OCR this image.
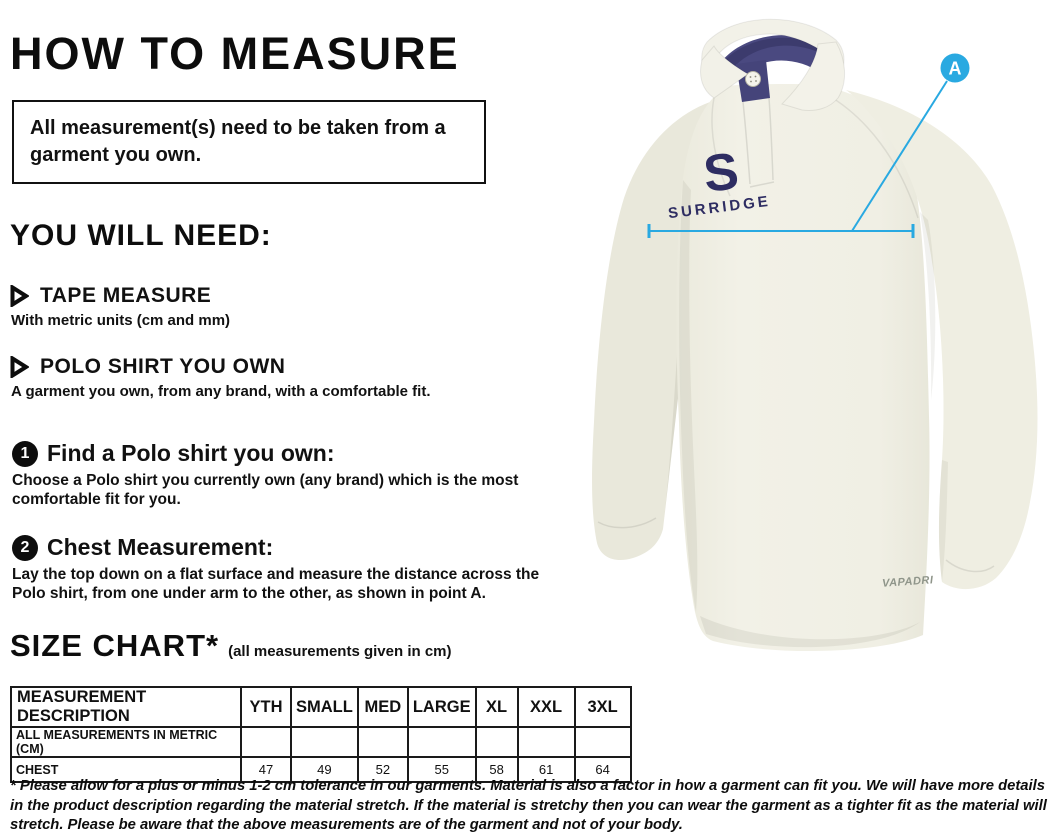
HOW TO MEASURE
All measurement(s) need to be taken from a garment you own.
YOU WILL NEED:
TAPE MEASURE
With metric units (cm and mm)
POLO SHIRT YOU OWN
A garment you own, from any brand, with a comfortable fit.
1 Find a Polo shirt you own:
Choose a Polo shirt you currently own (any brand) which is the most comfortable fit for you.
2 Chest Measurement:
Lay the top down on a flat surface and measure the distance across the Polo shirt, from one under arm to the other, as shown in point A.
SIZE CHART* (all measurements given in cm)
MEASUREMENT DESCRIPTION	YTH	SMALL	MED	LARGE	XL	XXL	3XL
ALL MEASUREMENTS IN METRIC (CM)							
CHEST	47	49	52	55	58	61	64
* Please allow for a plus or minus 1-2 cm tolerance in our garments. Material is also a factor in how a garment can fit you. We will have more details in the product description regarding the material stretch. If the material is stretchy then you can wear the garment as a tighter fit as the material will stretch. Please be aware that the above measurements are of the garment and not of your body.
S
SURRIDGE
VAPADRI
A
